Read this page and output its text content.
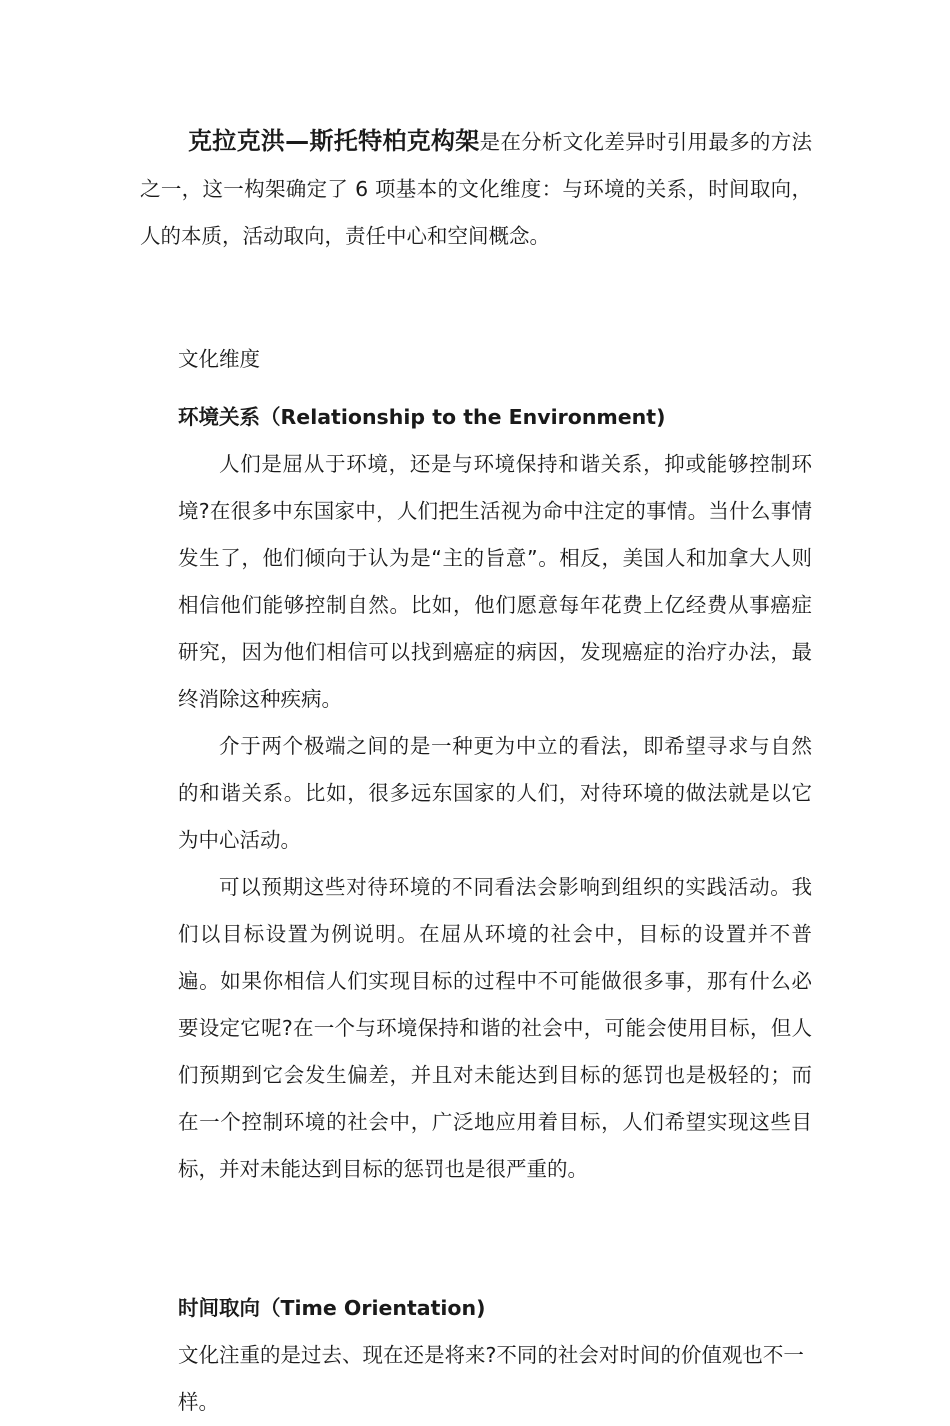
克拉克洪—斯托特柏克构架是在分析文化差异时引用最多的方法之一，这一构架确定了 6 项基本的文化维度：与环境的关系，时间取向，人的本质，活动取向，责任中心和空间概念。

文化维度

环境关系（Relationship to the Environment)

人们是屈从于环境，还是与环境保持和谐关系，抑或能够控制环境?在很多中东国家中，人们把生活视为命中注定的事情。当什么事情发生了，他们倾向于认为是“主的旨意”。相反，美国人和加拿大人则相信他们能够控制自然。比如，他们愿意每年花费上亿经费从事癌症研究，因为他们相信可以找到癌症的病因，发现癌症的治疗办法，最终消除这种疾病。

介于两个极端之间的是一种更为中立的看法，即希望寻求与自然的和谐关系。比如，很多远东国家的人们，对待环境的做法就是以它为中心活动。

可以预期这些对待环境的不同看法会影响到组织的实践活动。我们以目标设置为例说明。在屈从环境的社会中，目标的设置并不普遍。如果你相信人们实现目标的过程中不可能做很多事，那有什么必要设定它呢?在一个与环境保持和谐的社会中，可能会使用目标，但人们预期到它会发生偏差，并且对未能达到目标的惩罚也是极轻的；而在一个控制环境的社会中，广泛地应用着目标，人们希望实现这些目标，并对未能达到目标的惩罚也是很严重的。

时间取向（Time Orientation)

文化注重的是过去、现在还是将来?不同的社会对时间的价值观也不一样。
